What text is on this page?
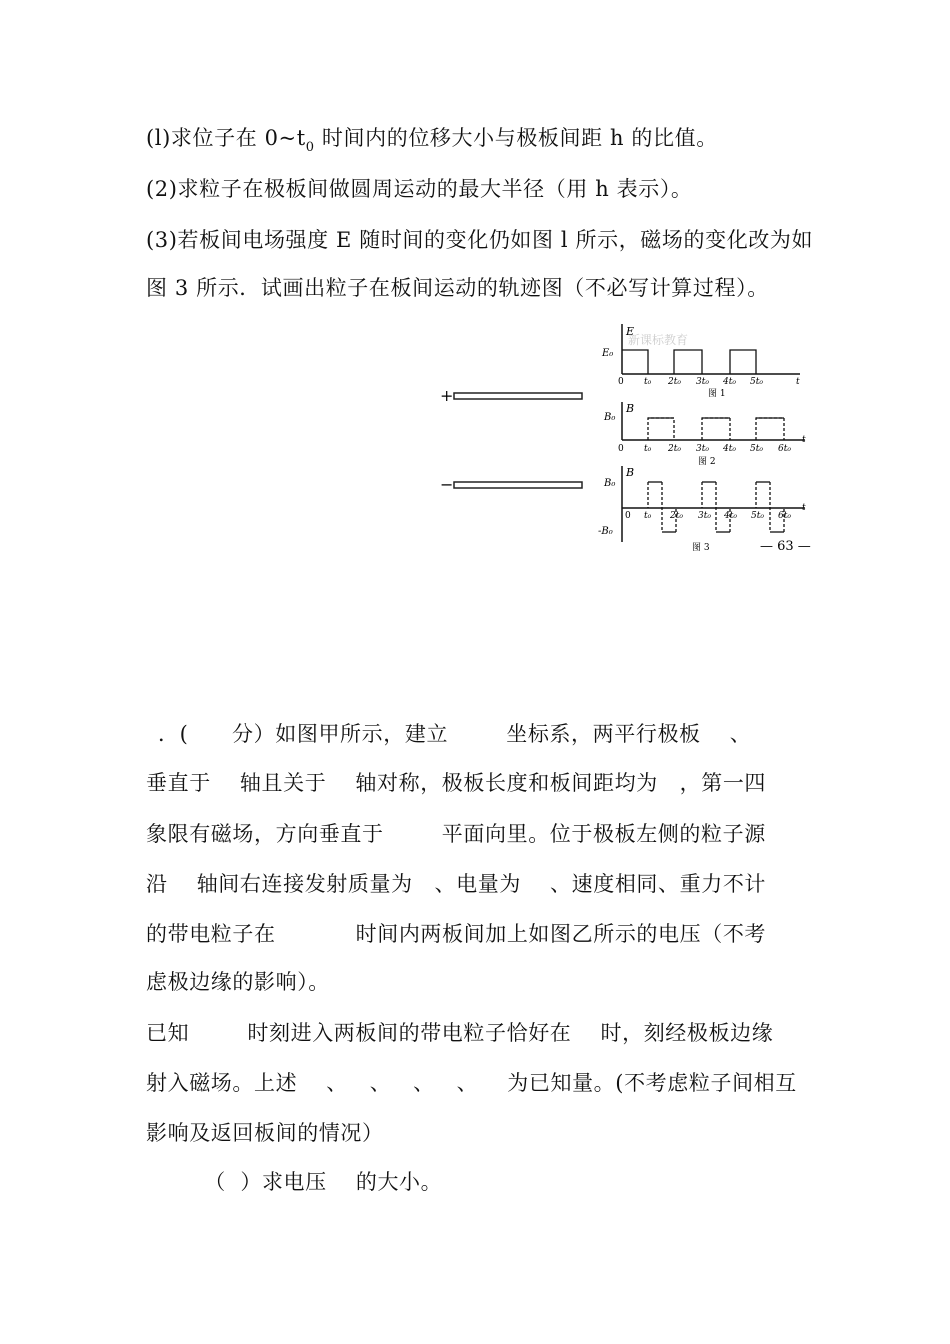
(l)求位子在 $0\sim t_0$ 时间内的位移大小与极板间距 h 的比值。
(2)求粒子在极板间做圆周运动的最大半径（用 h 表示）。
(3)若板间电场强度 E 随时间的变化仍如图 l 所示，磁场的变化改为如
图 3 所示．试画出粒子在板间运动的轨迹图（不必写计算过程）。
+
−
新课标教育
E
E₀
0 t₀ 2t₀ 3t₀ 4t₀ 5t₀	t
图 1
B
B₀
0 t₀ 2t₀ 3t₀ 4t₀ 5t₀ 6t₀
t
图 2
B
B₀
-B₀
0 t₀ 2t₀ 3t₀ 4t₀ 5t₀ 6t₀
t
图 3	— 63 —
．(      分）如图甲所示，建立        坐标系，两平行极板    、
垂直于    轴且关于    轴对称，极板长度和板间距均为   ，第一四
象限有磁场，方向垂直于        平面向里。位于极板左侧的粒子源
沿    轴间右连接发射质量为   、电量为    、速度相同、重力不计
的带电粒子在           时间内两板间加上如图乙所示的电压（不考
虑极边缘的影响）。
已知        时刻进入两板间的带电粒子恰好在    时，刻经极板边缘
射入磁场。上述    、   、   、   、    为已知量。(不考虑粒子间相互
影响及返回板间的情况）
（  ）求电压    的大小。
